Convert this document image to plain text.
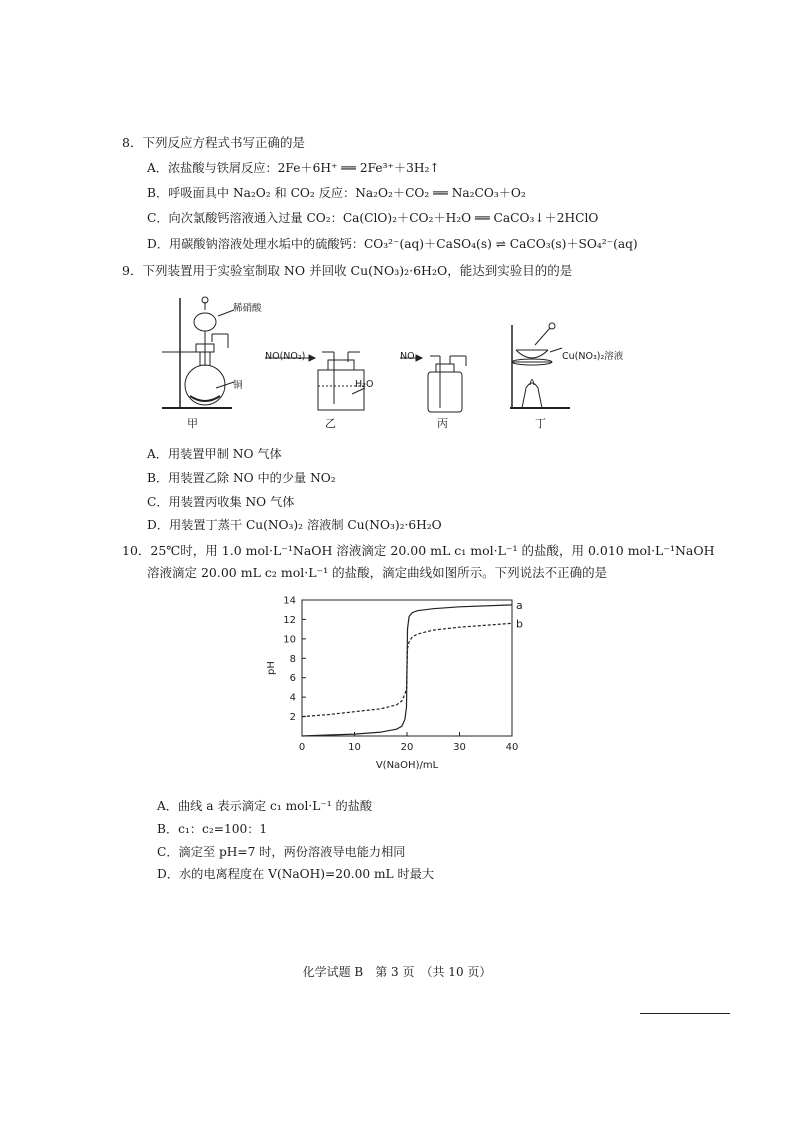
8．下列反应方程式书写正确的是
A．浓盐酸与铁屑反应：2Fe＋6H⁺ ══ 2Fe³⁺＋3H₂↑
B．呼吸面具中 Na₂O₂ 和 CO₂ 反应：Na₂O₂＋CO₂ ══ Na₂CO₃＋O₂
C．向次氯酸钙溶液通入过量 CO₂：Ca(ClO)₂＋CO₂＋H₂O ══ CaCO₃↓＋2HClO
D．用碳酸钠溶液处理水垢中的硫酸钙：CO₃²⁻(aq)＋CaSO₄(s) ⇌ CaCO₃(s)＋SO₄²⁻(aq)
9．下列装置用于实验室制取 NO 并回收 Cu(NO₃)₂·6H₂O，能达到实验目的的是
稀硝酸
铜
NO(NO₂)
H₂O
NO	Cu(NO₃)₂溶液
甲	乙	丙	丁
A．用装置甲制 NO 气体
B．用装置乙除 NO 中的少量 NO₂
C．用装置丙收集 NO 气体
D．用装置丁蒸干 Cu(NO₃)₂ 溶液制 Cu(NO₃)₂·6H₂O
10．25℃时，用 1.0 mol·L⁻¹NaOH 溶液滴定 20.00 mL c₁ mol·L⁻¹ 的盐酸，用 0.010 mol·L⁻¹NaOH
溶液滴定 20.00 mL c₂ mol·L⁻¹ 的盐酸，滴定曲线如图所示。下列说法不正确的是
0	10	20	30	40
2
4
6
8
10
12
14
V(NaOH)/mL
pH
a
b
A．曲线 a 表示滴定 c₁ mol·L⁻¹ 的盐酸
B．c₁：c₂=100：1
C．滴定至 pH=7 时，两份溶液导电能力相同
D．水的电离程度在 V(NaOH)=20.00 mL 时最大
化学试题 B　第 3 页　（共 10 页）
